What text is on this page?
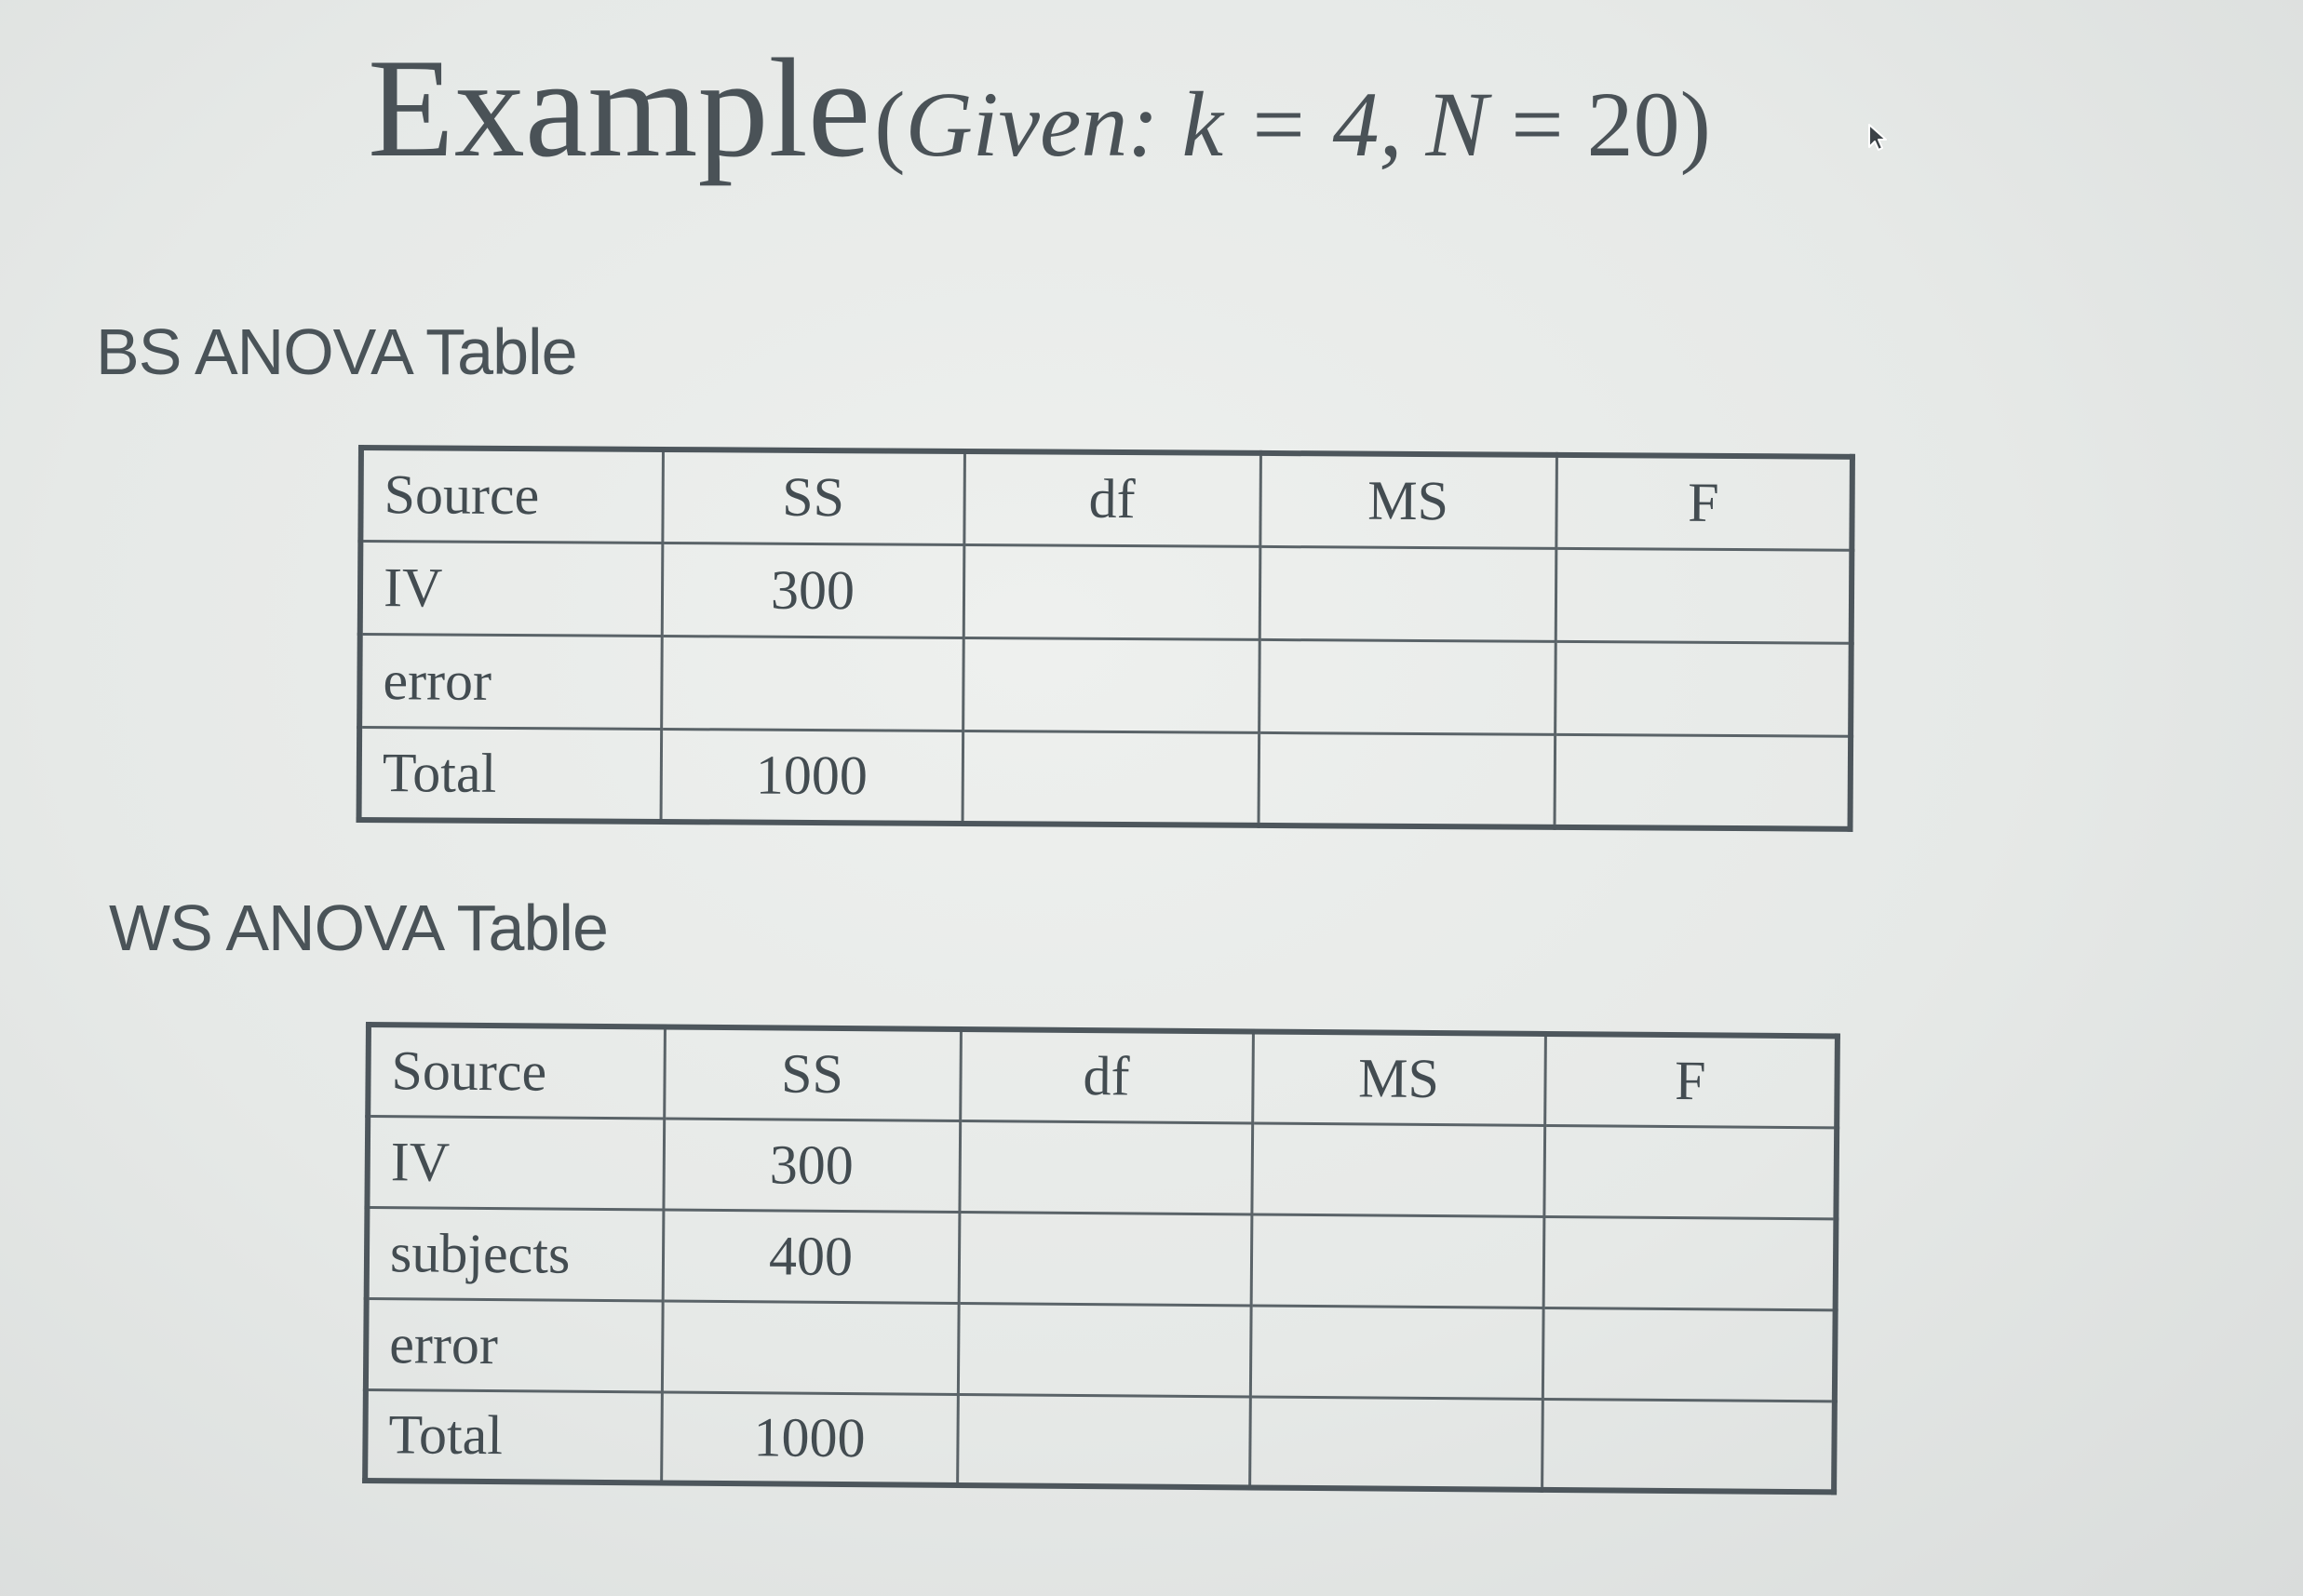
Example (Given: k = 4, N = 20)
BS ANOVA Table
Source	SS	df	MS	F
IV	300			
error				
Total	1000			
WS ANOVA Table
Source	SS	df	MS	F
IV	300			
subjects	400			
error				
Total	1000			
